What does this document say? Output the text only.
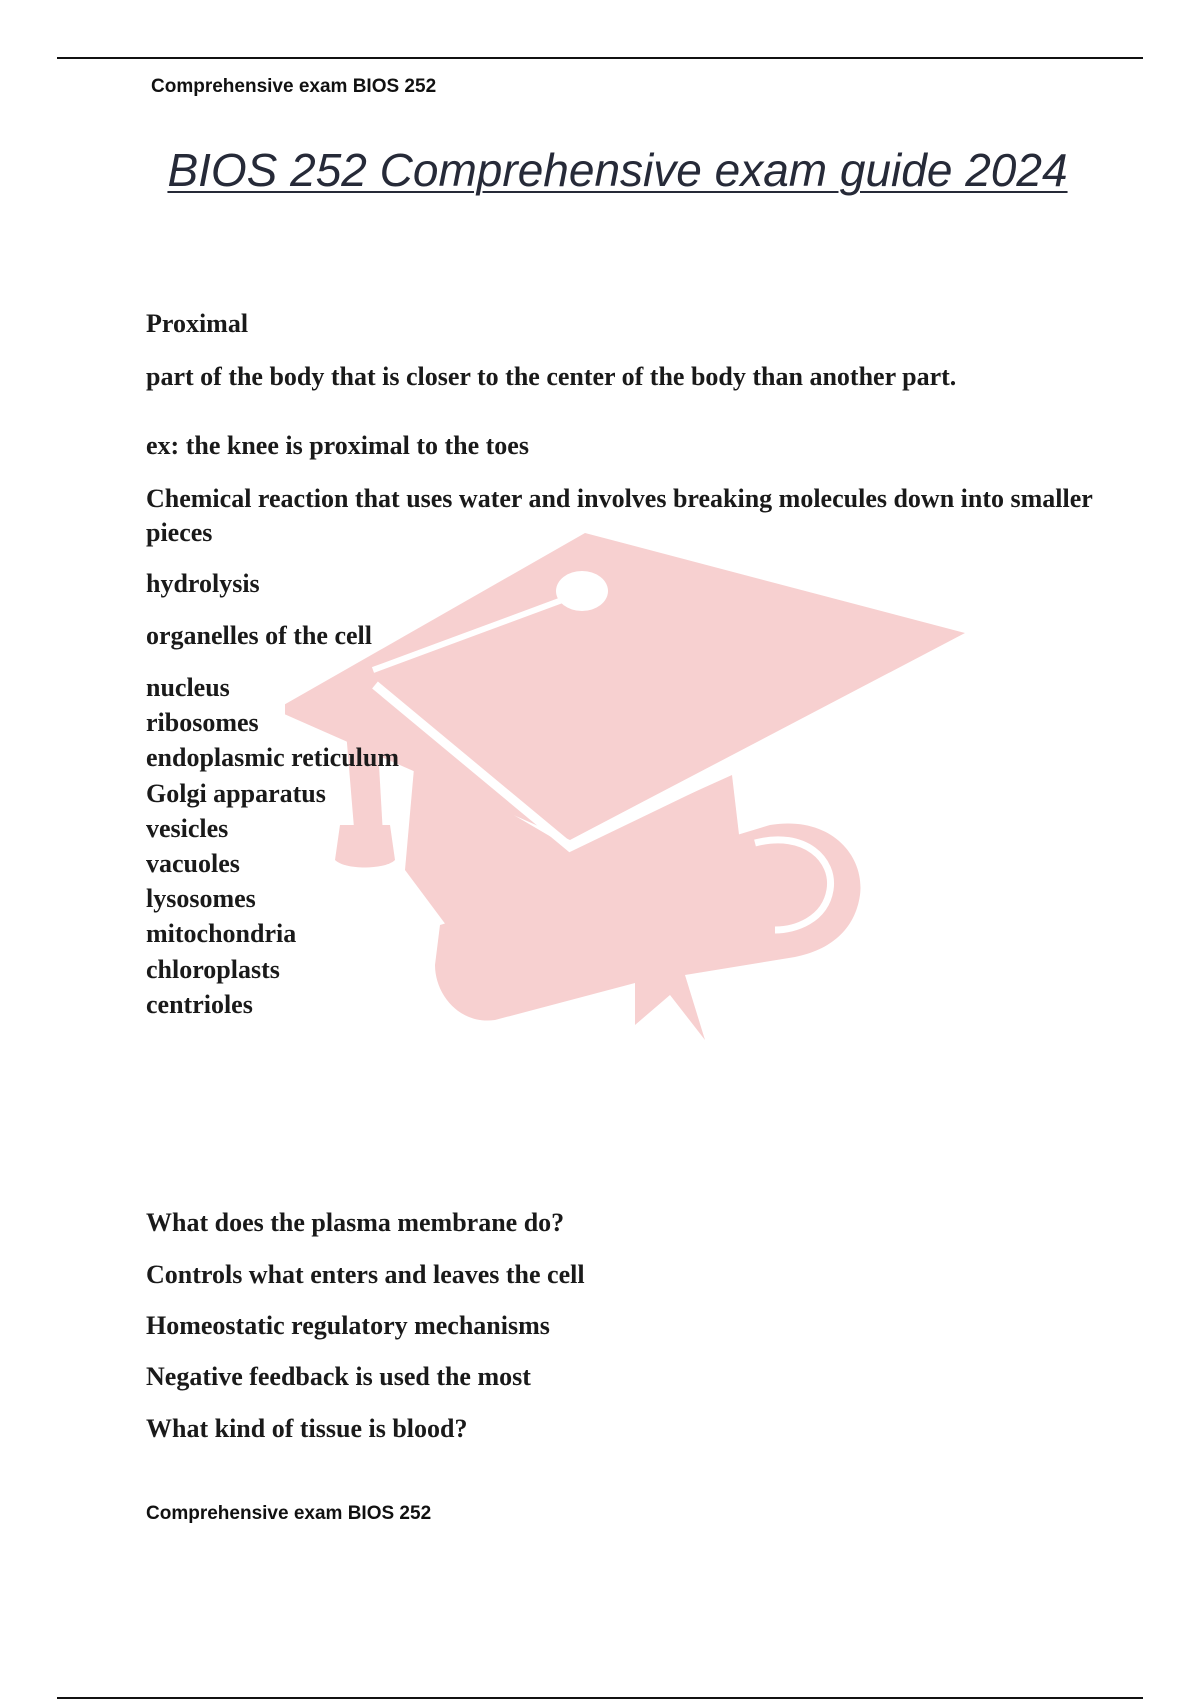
Comprehensive exam BIOS 252
BIOS 252 Comprehensive exam guide 2024

Proximal

part of the body that is closer to the center of the body than another part.

ex: the knee is proximal to the toes

Chemical reaction that uses water and involves breaking molecules down into smaller pieces

hydrolysis

organelles of the cell

nucleus
ribosomes
endoplasmic reticulum
Golgi apparatus
vesicles
vacuoles
lysosomes
mitochondria
chloroplasts
centrioles

What does the plasma membrane do?

Controls what enters and leaves the cell

Homeostatic regulatory mechanisms

Negative feedback is used the most

What kind of tissue is blood?

Comprehensive exam BIOS 252
